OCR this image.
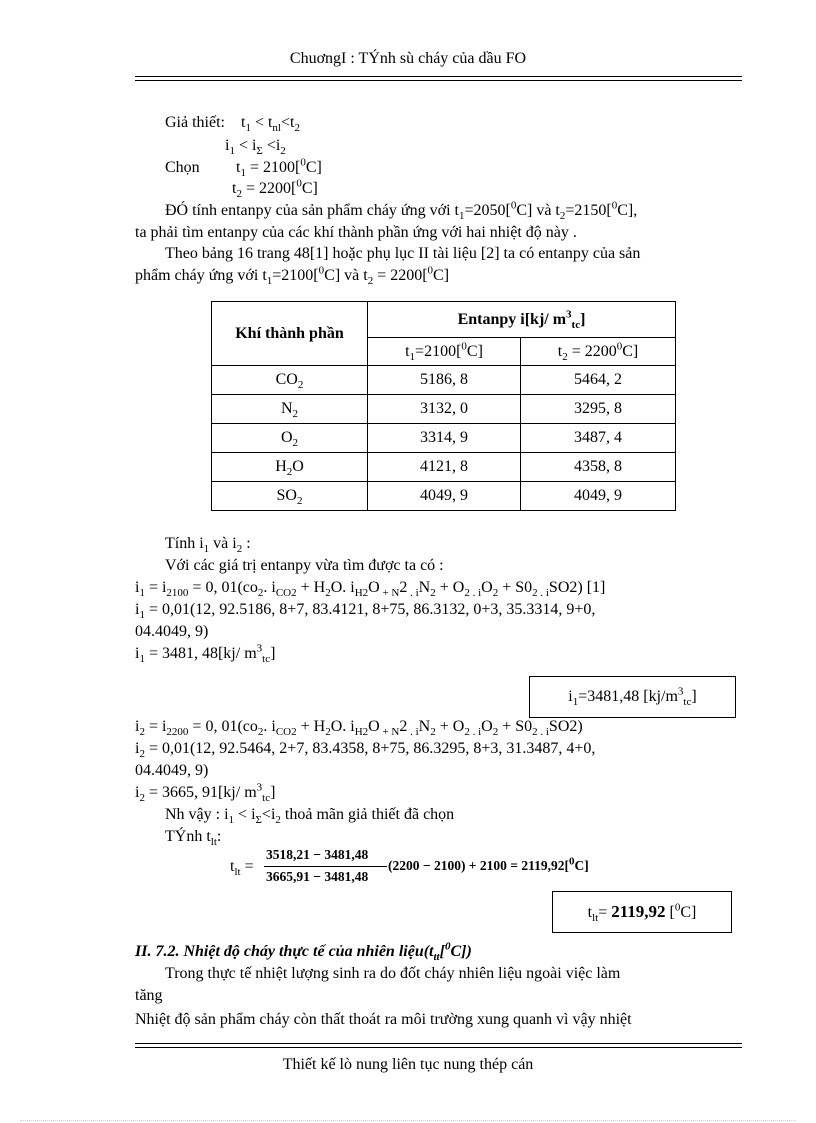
ChuơngI : TÝnh sù cháy của dầu FO
Giả thiết: $t_1 < t_{nl}<t_2$
$i_1 < i_\Sigma <i_2$
Chọn $t_1 = 2100[^0C]$
$t_2 = 2200[^0C]$
ĐÓ tính entanpy của sản phẩm cháy ứng với $t_1=2050[^0C]$ và $t_2=2150[^0C]$,
ta phải tìm entanpy của các khí thành phần ứng với hai nhiệt độ này .
Theo bảng 16 trang 48[1] hoặc phụ lục II tài liệu [2] ta có entanpy của sản
phẩm cháy ứng với $t_1=2100[^0C]$ và $t_2 = 2200[^0C]$
Khí thành phần	Entanpy i[kj/ $m^3_{tc}$]	
	$t_1=2100[^0C]$	$t_2 = 2200^0C$]
$CO_2$	5186, 8	5464, 2
$N_2$	3132, 0	3295, 8
$O_2$	3314, 9	3487, 4
$H_2O$	4121, 8	4358, 8
$SO_2$	4049, 9	4049, 9
Tính $i_1$ và $i_2$ :
Với các giá trị entanpy vừa tìm được ta có :
$i_1 = i_{2100} = 0$, $01(co_2$. $i_{CO2} + H_2O$. $i_{H2}O$ $_{+ N}$2 $_{. i}N_2 + O_2$ $_{. i}O_2 + S0_2$ $_{. i}$SO2) [1]
$i_1 = 0,01(12$, 92.5186, 8+7, 83.4121, 8+75, 86.3132, 0+3, 35.3314, 9+0,
04.4049, 9)
$i_1 = 3481$, 48[kj/ $m^3_{tc}$]
$i_1=3481,48$ $[kj/m^3_{tc}]$
$i_2 = i_{2200} = 0$, $01(co_2$. $i_{CO2} + H_2O$. $i_{H2}O$ $_{+ N}$2 $_{. i}N_2 + O_2$ $_{. i}O_2 + S0_2$ $_{. i}$SO2)
$i_2 = 0,01(12$, 92.5464, 2+7, 83.4358, 8+75, 86.3295, 8+3, 31.3487, 4+0,
04.4049, 9)
$i_2 = 3665$, 91[kj/ $m^3_{tc}$]
Nh vậy : $i_1 < i_\Sigma<i_2$ thoả mãn giả thiết đã chọn
TÝnh $t_{lt}$:
$t_{lt}$ =
3518,21 − 3481,48
3665,91 − 3481,48
(2200 − 2100) + 2100 = 2119,92[$^0$C]
$t_{lt}= 2119,92$ [$^0$C]
II. 7.2. Nhiệt độ cháy thực tế của nhiên $liệu(t_{tt}[^0C])$
Trong thực tế nhiệt lượng sinh ra do đốt cháy nhiên liệu ngoài việc làm
tăng
Nhiệt độ sản phẩm cháy còn thất thoát ra môi trường xung quanh vì vậy nhiệt
Thiết kế lò nung liên tục nung thép cán
